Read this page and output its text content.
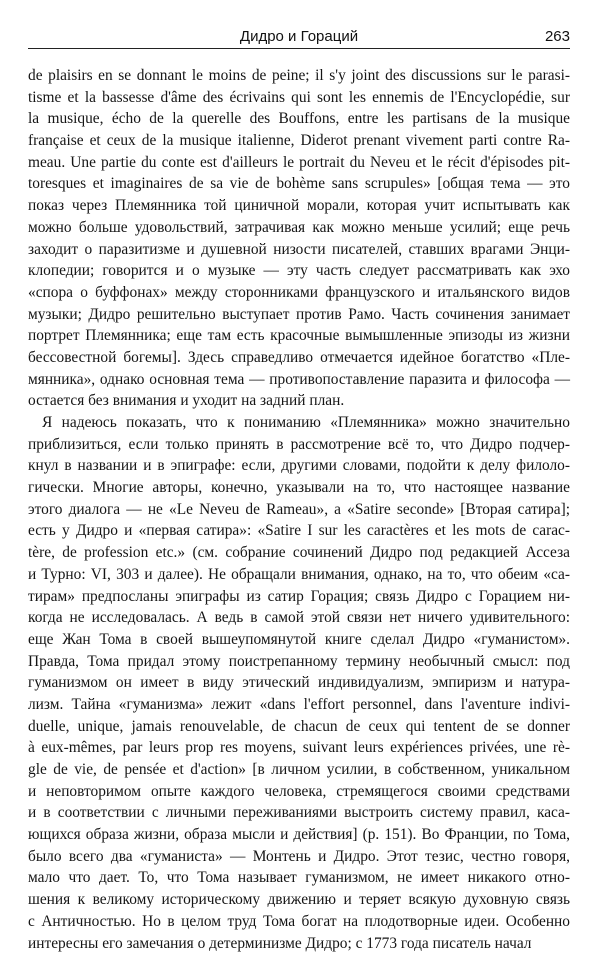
Дидро и Гораций	263
de plaisirs en se donnant le moins de peine; il s'y joint des discussions sur le parasi-
tisme et la bassesse d'âme des écrivains qui sont les ennemis de l'Encyclopédie, sur
la musique, écho de la querelle des Bouffons, entre les partisans de la musique
française et ceux de la musique italienne, Diderot prenant vivement parti contre Ra-
meau. Une partie du conte est d'ailleurs le portrait du Neveu et le récit d'épisodes pit-
toresques et imaginaires de sa vie de bohème sans scrupules» [общая тема — это
показ через Племянника той циничной морали, которая учит испытывать как
можно больше удовольствий, затрачивая как можно меньше усилий; еще речь
заходит о паразитизме и душевной низости писателей, ставших врагами Энци-
клопедии; говорится и о музыке — эту часть следует рассматривать как эхо
«спора о буффонах» между сторонниками французского и итальянского видов
музыки; Дидро решительно выступает против Рамо. Часть сочинения занимает
портрет Племянника; еще там есть красочные вымышленные эпизоды из жизни
бессовестной богемы]. Здесь справедливо отмечается идейное богатство «Пле-
мянника», однако основная тема — противопоставление паразита и философа —
остается без внимания и уходит на задний план.
Я надеюсь показать, что к пониманию «Племянника» можно значительно
приблизиться, если только принять в рассмотрение всё то, что Дидро подчер-
кнул в названии и в эпиграфе: если, другими словами, подойти к делу филоло-
гически. Многие авторы, конечно, указывали на то, что настоящее название
этого диалога — не «Le Neveu de Rameau», а «Satire seconde» [Вторая сатира];
есть у Дидро и «первая сатира»: «Satire I sur les caractères et les mots de carac-
tère, de profession etc.» (см. собрание сочинений Дидро под редакцией Ассеза
и Турно: VI, 303 и далее). Не обращали внимания, однако, на то, что обеим «са-
тирам» предпосланы эпиграфы из сатир Горация; связь Дидро с Горацием ни-
когда не исследовалась. А ведь в самой этой связи нет ничего удивительного:
еще Жан Тома в своей вышеупомянутой книге сделал Дидро «гуманистом».
Правда, Тома придал этому поистрепанному термину необычный смысл: под
гуманизмом он имеет в виду этический индивидуализм, эмпиризм и натура-
лизм. Тайна «гуманизма» лежит «dans l'effort personnel, dans l'aventure indivi-
duelle, unique, jamais renouvelable, de chacun de ceux qui tentent de se donner
à eux-mêmes, par leurs prop res moyens, suivant leurs expériences privées, une rè-
gle de vie, de pensée et d'action» [в личном усилии, в собственном, уникальном
и неповторимом опыте каждого человека, стремящегося своими средствами
и в соответствии с личными переживаниями выстроить систему правил, каса-
ющихся образа жизни, образа мысли и действия] (р. 151). Во Франции, по Тома,
было всего два «гуманиста» — Монтень и Дидро. Этот тезис, честно говоря,
мало что дает. То, что Тома называет гуманизмом, не имеет никакого отно-
шения к великому историческому движению и теряет всякую духовную связь
с Античностью. Но в целом труд Тома богат на плодотворные идеи. Особенно
интересны его замечания о детерминизме Дидро; с 1773 года писатель начал
